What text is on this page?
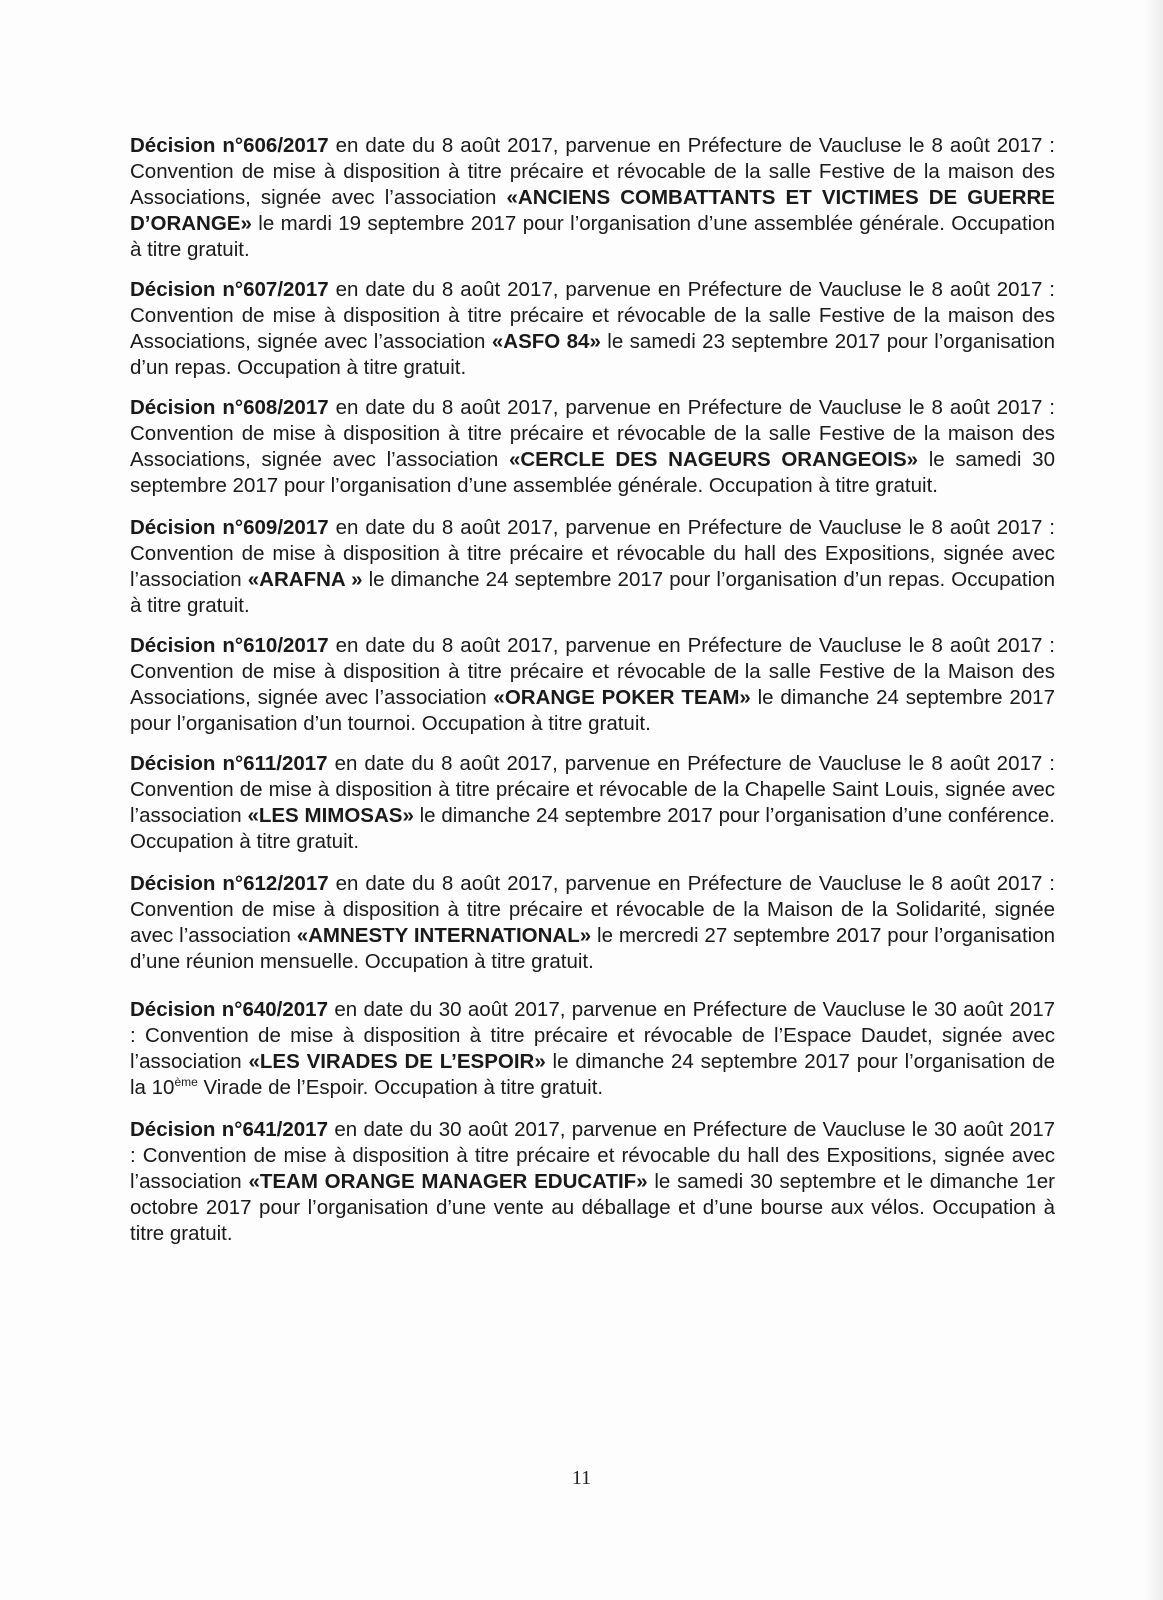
Décision n°606/2017 en date du 8 août 2017, parvenue en Préfecture de Vaucluse le 8 août 2017 : Convention de mise à disposition à titre précaire et révocable de la salle Festive de la maison des Associations, signée avec l’association «ANCIENS COMBATTANTS ET VICTIMES DE GUERRE D’ORANGE» le mardi 19 septembre 2017 pour l’organisation d’une assemblée générale. Occupation à titre gratuit.

Décision n°607/2017 en date du 8 août 2017, parvenue en Préfecture de Vaucluse le 8 août 2017 : Convention de mise à disposition à titre précaire et révocable de la salle Festive de la maison des Associations, signée avec l’association «ASFO 84» le samedi 23 septembre 2017 pour l’organisation d’un repas. Occupation à titre gratuit.

Décision n°608/2017 en date du 8 août 2017, parvenue en Préfecture de Vaucluse le 8 août 2017 : Convention de mise à disposition à titre précaire et révocable de la salle Festive de la maison des Associations, signée avec l’association «CERCLE DES NAGEURS ORANGEOIS» le samedi 30 septembre 2017 pour l’organisation d’une assemblée générale. Occupation à titre gratuit.

Décision n°609/2017 en date du 8 août 2017, parvenue en Préfecture de Vaucluse le 8 août 2017 : Convention de mise à disposition à titre précaire et révocable du hall des Expositions, signée avec l’association «ARAFNA » le dimanche 24 septembre 2017 pour l’organisation d’un repas. Occupation à titre gratuit.

Décision n°610/2017 en date du 8 août 2017, parvenue en Préfecture de Vaucluse le 8 août 2017 : Convention de mise à disposition à titre précaire et révocable de la salle Festive de la Maison des Associations, signée avec l’association «ORANGE POKER TEAM» le dimanche 24 septembre 2017 pour l’organisation d’un tournoi. Occupation à titre gratuit.

Décision n°611/2017 en date du 8 août 2017, parvenue en Préfecture de Vaucluse le 8 août 2017 : Convention de mise à disposition à titre précaire et révocable de la Chapelle Saint Louis, signée avec l’association «LES MIMOSAS» le dimanche 24 septembre 2017 pour l’organisation d’une conférence. Occupation à titre gratuit.

Décision n°612/2017 en date du 8 août 2017, parvenue en Préfecture de Vaucluse le 8 août 2017 : Convention de mise à disposition à titre précaire et révocable de la Maison de la Solidarité, signée avec l’association «AMNESTY INTERNATIONAL» le mercredi 27 septembre 2017 pour l’organisation d’une réunion mensuelle. Occupation à titre gratuit.

Décision n°640/2017 en date du 30 août 2017, parvenue en Préfecture de Vaucluse le 30 août 2017 : Convention de mise à disposition à titre précaire et révocable de l’Espace Daudet, signée avec l’association «LES VIRADES DE L’ESPOIR» le dimanche 24 septembre 2017 pour l’organisation de la 10ème Virade de l’Espoir. Occupation à titre gratuit.

Décision n°641/2017 en date du 30 août 2017, parvenue en Préfecture de Vaucluse le 30 août 2017 : Convention de mise à disposition à titre précaire et révocable du hall des Expositions, signée avec l’association «TEAM ORANGE MANAGER EDUCATIF» le samedi 30 septembre et le dimanche 1er octobre 2017 pour l’organisation d’une vente au déballage et d’une bourse aux vélos. Occupation à titre gratuit.

11
